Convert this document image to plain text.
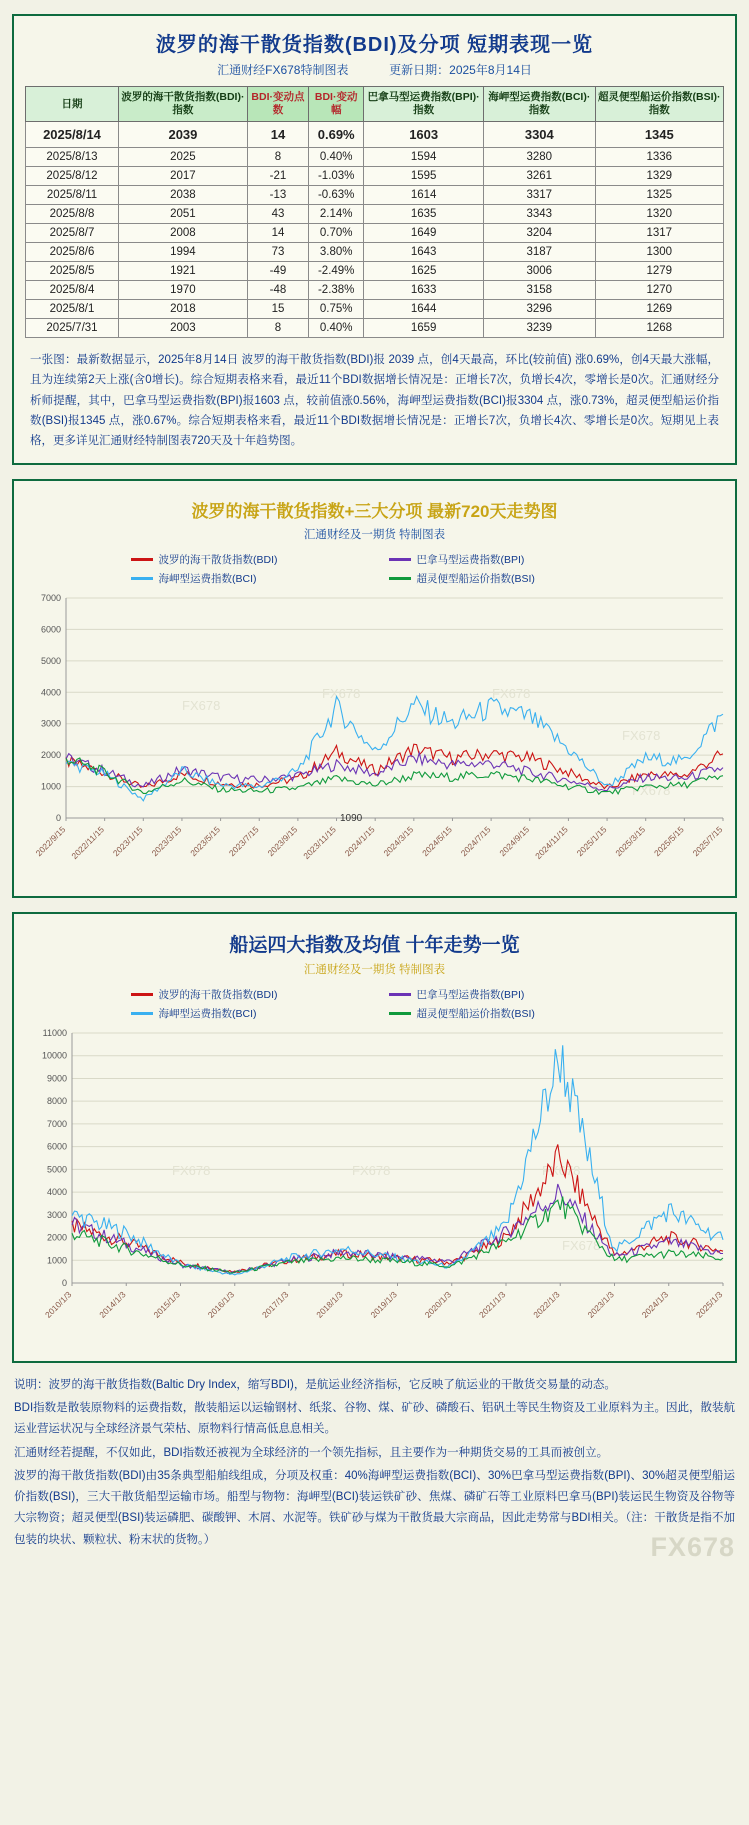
波罗的海干散货指数(BDI)及分项 短期表现一览
汇通财经FX678特制图表	更新日期：2025年8月14日
日期	波罗的海干散货指数(BDI)·指数	BDI·变动点数	BDI·变动幅	巴拿马型运费指数(BPI)·指数	海岬型运费指数(BCI)·指数	超灵便型船运价指数(BSI)·指数
2025/8/14	2039	14	0.69%	1603	3304	1345
2025/8/13	2025	8	0.40%	1594	3280	1336
2025/8/12	2017	-21	-1.03%	1595	3261	1329
2025/8/11	2038	-13	-0.63%	1614	3317	1325
2025/8/8	2051	43	2.14%	1635	3343	1320
2025/8/7	2008	14	0.70%	1649	3204	1317
2025/8/6	1994	73	3.80%	1643	3187	1300
2025/8/5	1921	-49	-2.49%	1625	3006	1279
2025/8/4	1970	-48	-2.38%	1633	3158	1270
2025/8/1	2018	15	0.75%	1644	3296	1269
2025/7/31	2003	8	0.40%	1659	3239	1268
一张图：最新数据显示，2025年8月14日 波罗的海干散货指数(BDI)报 2039 点，创4天最高，环比(较前值) 涨0.69%，创4天最大涨幅，且为连续第2天上涨(含0增长)。综合短期表格来看，最近11个BDI数据增长情况是：正增长7次，负增长4次，零增长是0次。汇通财经分析师提醒，其中，巴拿马型运费指数(BPI)报1603 点，较前值涨0.56%，海岬型运费指数(BCI)报3304 点，涨0.73%，超灵便型船运价指数(BSI)报1345 点，涨0.67%。综合短期表格来看，最近11个BDI数据增长情况是：正增长7次，负增长4次、零增长是0次。短期见上表格，更多详见汇通财经特制图表720天及十年趋势图。
波罗的海干散货指数+三大分项 最新720天走势图
汇通财经及一期货 特制图表
波罗的海干散货指数(BDI)	巴拿马型运费指数(BPI)
海岬型运费指数(BCI)	超灵便型船运价指数(BSI)
0
1000
2000
3000
4000
5000
6000
7000
FX678
FX678	FX678
FX678
FX678
2022/9/15 2022/11/15 2023/1/15 2023/3/15 2023/5/15 2023/7/15 2023/9/15 2023/11/15 2024/1/15 2024/3/15 2024/5/15 2024/7/15 2024/9/15 2024/11/15 2025/1/15 2025/3/15 2025/5/15 2025/7/15
1090
船运四大指数及均值 十年走势一览
汇通财经及一期货 特制图表
波罗的海干散货指数(BDI)	巴拿马型运费指数(BPI)
海岬型运费指数(BCI)	超灵便型船运价指数(BSI)
0
1000
2000
3000
4000
5000
6000
7000
8000
9000
10000
11000
FX678	FX678	FX678
FX678
2010/1/3	2014/1/3	2015/1/3	2016/1/3	2017/1/3	2018/1/3	2019/1/3	2020/1/3	2021/1/3	2022/1/3	2023/1/3	2024/1/3	2025/1/3

说明：波罗的海干散货指数(Baltic Dry Index，缩写BDI)，是航运业经济指标，它反映了航运业的干散货交易量的动态。

BDI指数是散装原物料的运费指数，散装船运以运输钢材、纸浆、谷物、煤、矿砂、磷酸石、铝矾土等民生物资及工业原料为主。因此，散装航运业营运状况与全球经济景气荣枯、原物料行情高低息息相关。

汇通财经若提醒，不仅如此，BDI指数还被视为全球经济的一个领先指标，且主要作为一种期货交易的工具而被创立。

波罗的海干散货指数(BDI)由35条典型船舶线组成，分项及权重：40%海岬型运费指数(BCI)、30%巴拿马型运费指数(BPI)、30%超灵便型船运价指数(BSI)，三大干散货船型运输市场。船型与物物：海岬型(BCI)装运铁矿砂、焦煤、磷矿石等工业原料巴拿马(BPI)装运民生物资及谷物等大宗物资；超灵便型(BSI)装运磷肥、碳酸钾、木屑、水泥等。铁矿砂与煤为干散货最大宗商品，因此走势常与BDI相关。（注：干散货是指不加包装的块状、颗粒状、粉末状的货物。）	FX678
